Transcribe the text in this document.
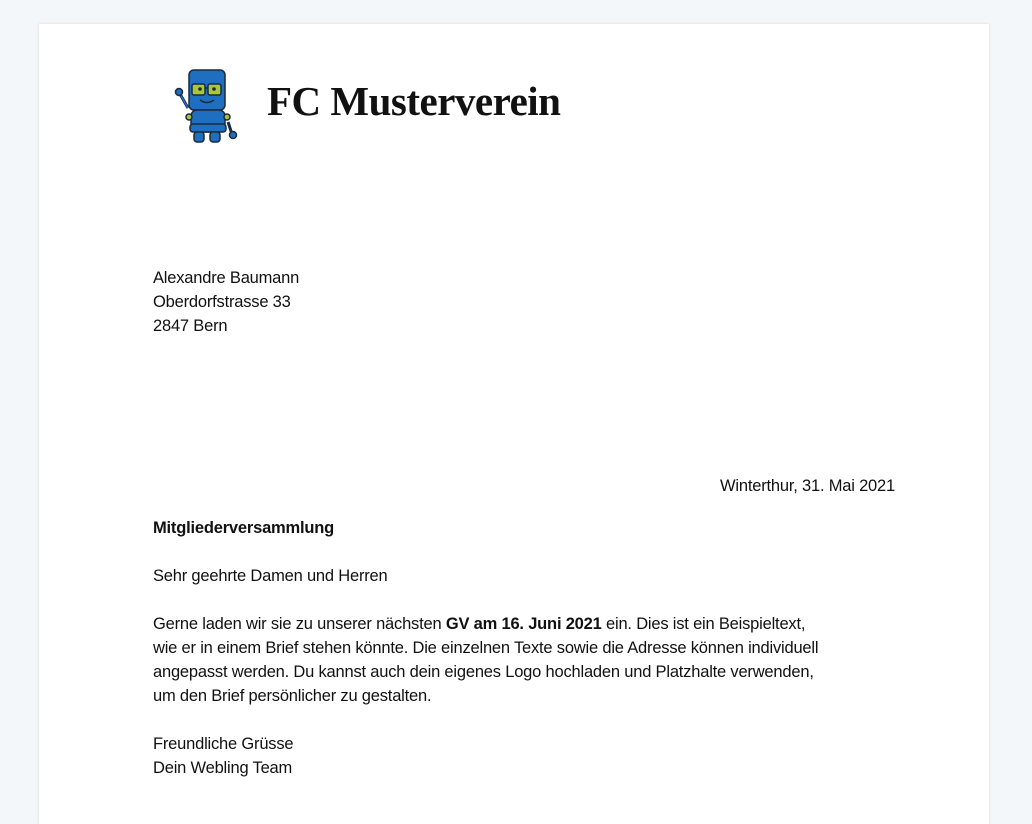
FC Musterverein
Alexandre Baumann
Oberdorfstrasse 33
2847 Bern
Winterthur, 31. Mai 2021
Mitgliederversammlung
Sehr geehrte Damen und Herren
Gerne laden wir sie zu unserer nächsten GV am 16. Juni 2021 ein. Dies ist ein Beispieltext,
wie er in einem Brief stehen könnte. Die einzelnen Texte sowie die Adresse können individuell
angepasst werden. Du kannst auch dein eigenes Logo hochladen und Platzhalte verwenden,
um den Brief persönlicher zu gestalten.
Freundliche Grüsse
Dein Webling Team
